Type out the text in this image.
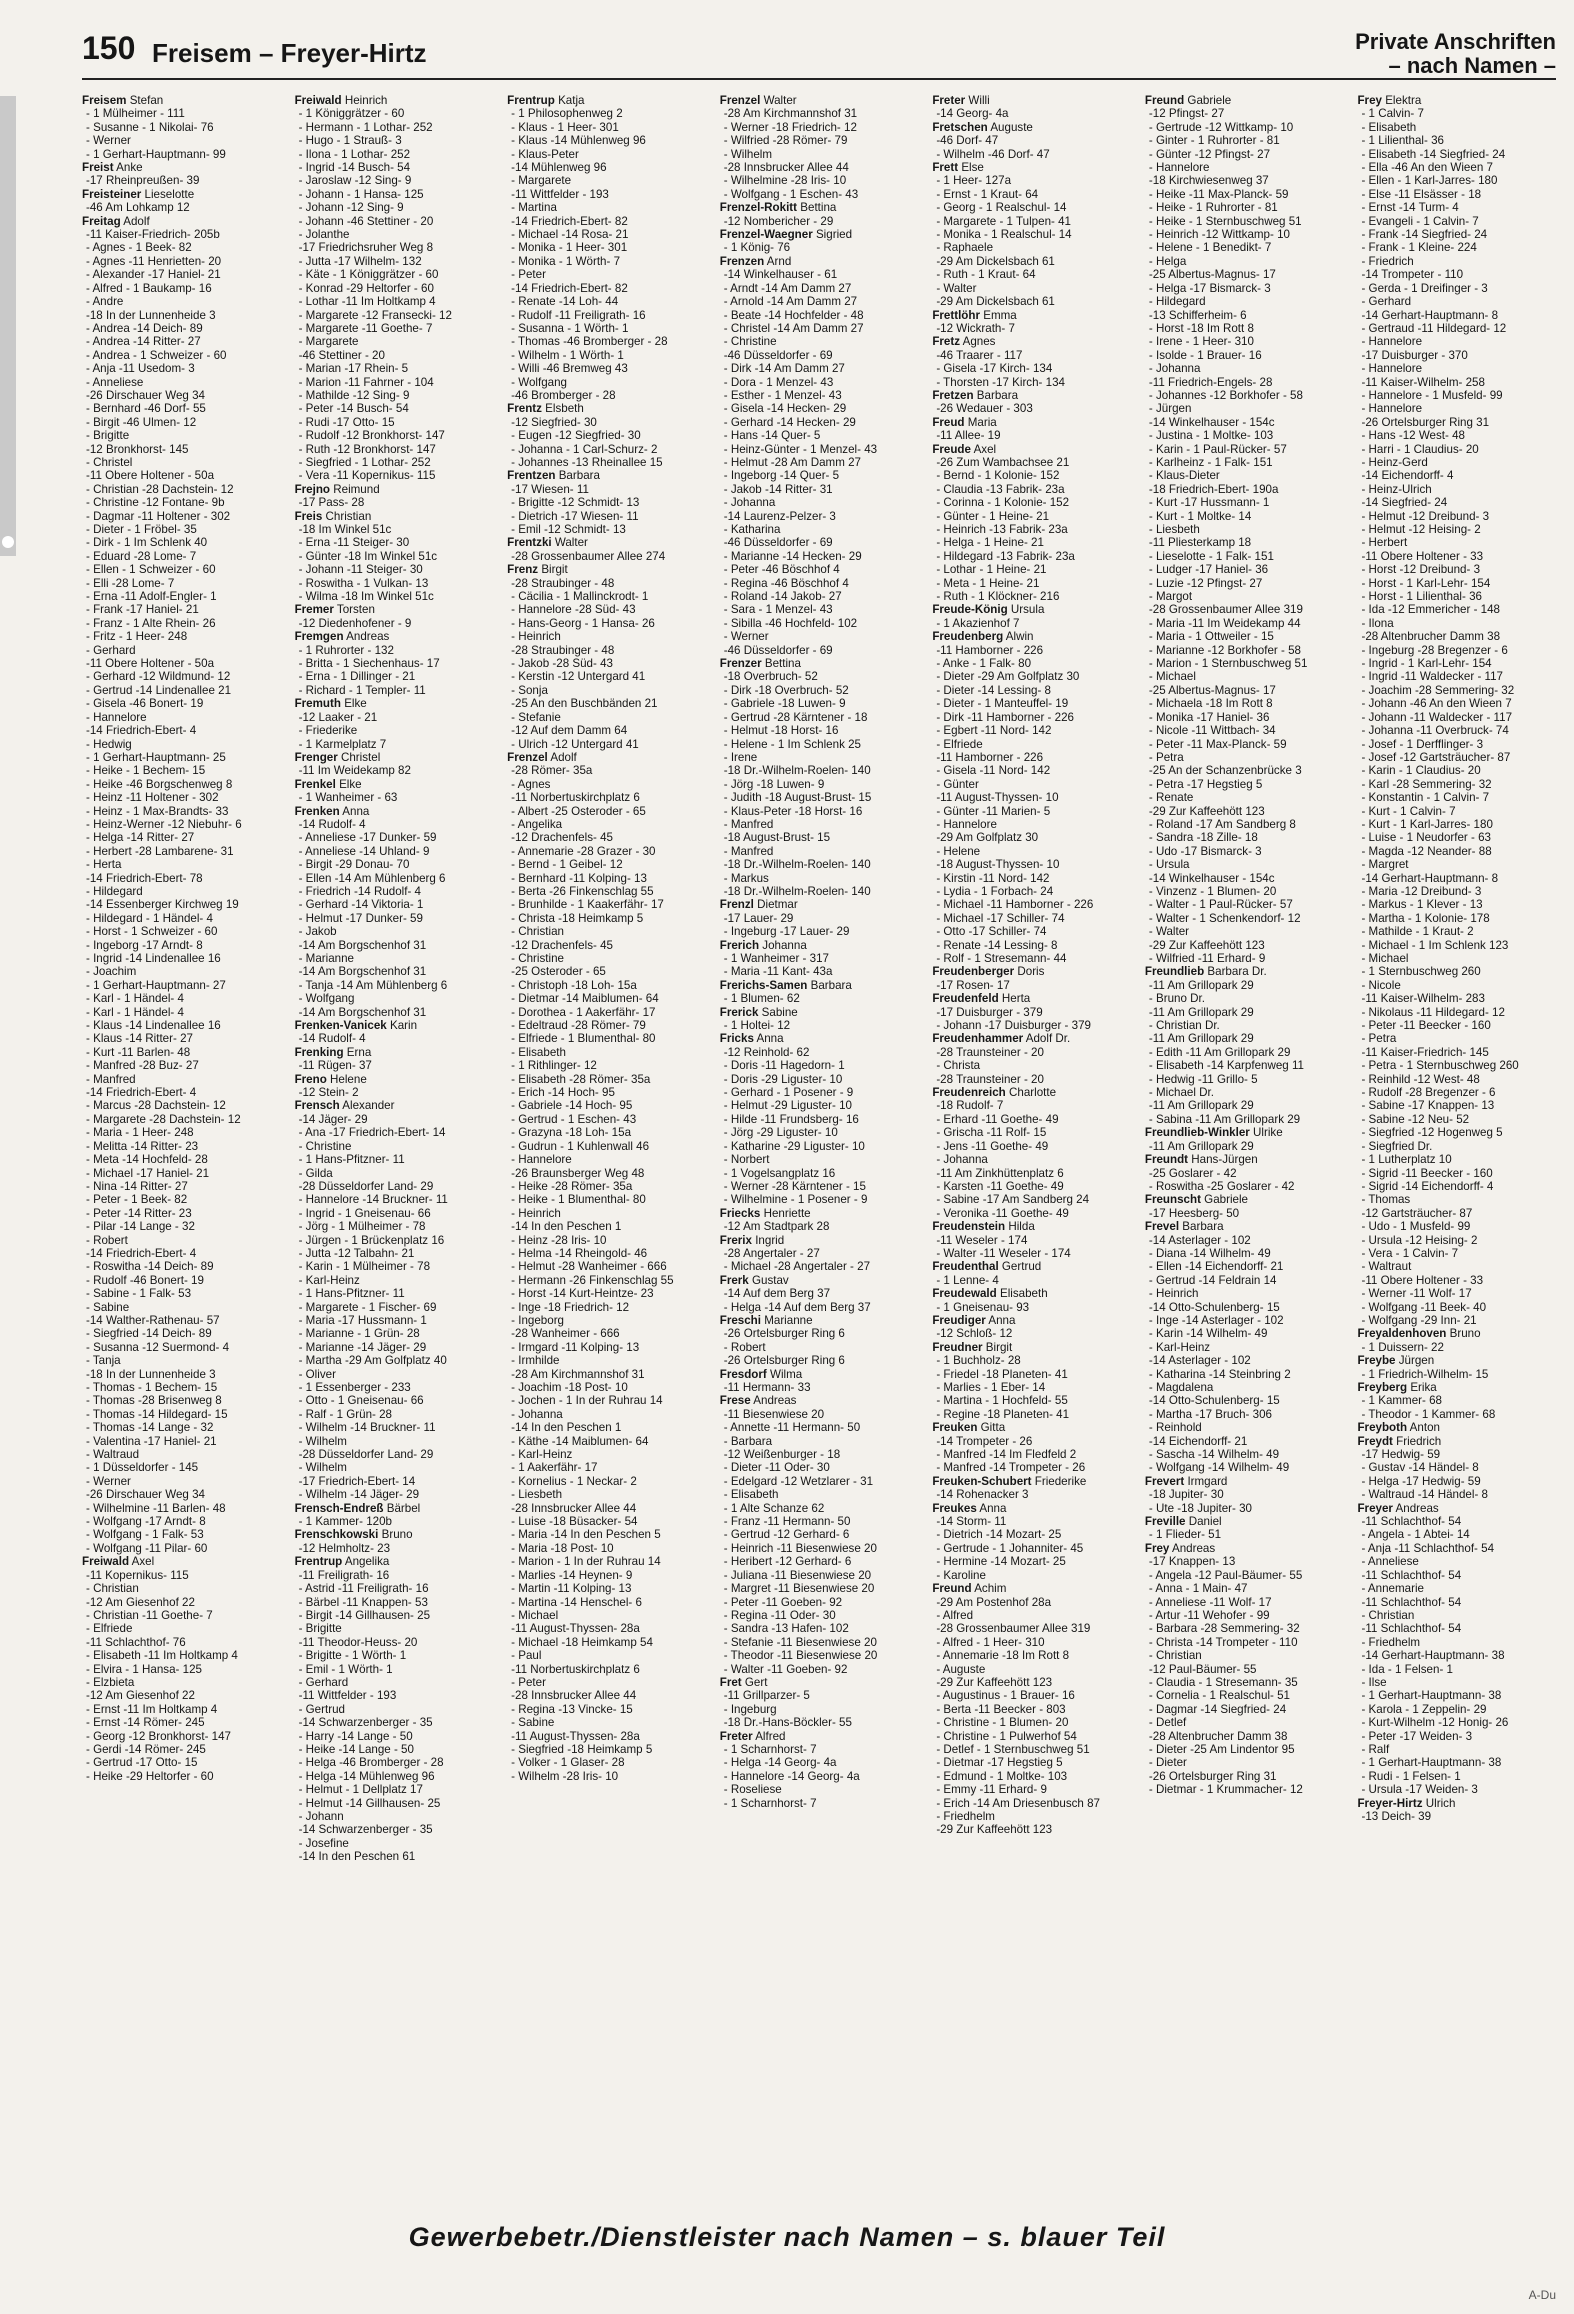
150 Freisem – Freyer-Hirtz	Private Anschriften
– nach Namen –
Freisem Stefan
- 1 Mülheimer - 111
- Susanne - 1 Nikolai- 76
- Werner
- 1 Gerhart-Hauptmann- 99
Freist Anke
-17 Rheinpreußen- 39
Freisteiner Lieselotte
-46 Am Lohkamp 12
Freitag Adolf
-11 Kaiser-Friedrich- 205b
- Agnes - 1 Beek- 82
- Agnes -11 Henrietten- 20
- Alexander -17 Haniel- 21
- Alfred - 1 Baukamp- 16
- Andre
-18 In der Lunnenheide 3
- Andrea -14 Deich- 89
- Andrea -14 Ritter- 27
- Andrea - 1 Schweizer - 60
- Anja -11 Usedom- 3
- Anneliese
-26 Dirschauer Weg 34
- Bernhard -46 Dorf- 55
- Birgit -46 Ulmen- 12
- Brigitte
-12 Bronkhorst- 145
- Christel
-11 Obere Holtener - 50a
- Christian -28 Dachstein- 12
- Christine -12 Fontane- 9b
- Dagmar -11 Holtener - 302
- Dieter - 1 Fröbel- 35
- Dirk - 1 Im Schlenk 40
- Eduard -28 Lome- 7
- Ellen - 1 Schweizer - 60
- Elli -28 Lome- 7
- Erna -11 Adolf-Engler- 1
- Frank -17 Haniel- 21
- Franz - 1 Alte Rhein- 26
- Fritz - 1 Heer- 248
- Gerhard
-11 Obere Holtener - 50a
- Gerhard -12 Wildmund- 12
- Gertrud -14 Lindenallee 21
- Gisela -46 Bonert- 19
- Hannelore
-14 Friedrich-Ebert- 4
- Hedwig
- 1 Gerhart-Hauptmann- 25
- Heike - 1 Bechem- 15
- Heike -46 Borgschenweg 8
- Heinz -11 Holtener - 302
- Heinz - 1 Max-Brandts- 33
- Heinz-Werner -12 Niebuhr- 6
- Helga -14 Ritter- 27
- Herbert -28 Lambarene- 31
- Herta
-14 Friedrich-Ebert- 78
- Hildegard
-14 Essenberger Kirchweg 19
- Hildegard - 1 Händel- 4
- Horst - 1 Schweizer - 60
- Ingeborg -17 Arndt- 8
- Ingrid -14 Lindenallee 16
- Joachim
- 1 Gerhart-Hauptmann- 27
- Karl - 1 Händel- 4
- Karl - 1 Händel- 4
- Klaus -14 Lindenallee 16
- Klaus -14 Ritter- 27
- Kurt -11 Barlen- 48
- Manfred -28 Buz- 27
- Manfred
-14 Friedrich-Ebert- 4
- Marcus -28 Dachstein- 12
- Margarete -28 Dachstein- 12
- Maria - 1 Heer- 248
- Melitta -14 Ritter- 23
- Meta -14 Hochfeld- 28
- Michael -17 Haniel- 21
- Nina -14 Ritter- 27
- Peter - 1 Beek- 82
- Peter -14 Ritter- 23
- Pilar -14 Lange - 32
- Robert
-14 Friedrich-Ebert- 4
- Roswitha -14 Deich- 89
- Rudolf -46 Bonert- 19
- Sabine - 1 Falk- 53
- Sabine
-14 Walther-Rathenau- 57
- Siegfried -14 Deich- 89
- Susanna -12 Suermond- 4
- Tanja
-18 In der Lunnenheide 3
- Thomas - 1 Bechem- 15
- Thomas -28 Brisenweg 8
- Thomas -14 Hildegard- 15
- Thomas -14 Lange - 32
- Valentina -17 Haniel- 21
- Waltraud
- 1 Düsseldorfer - 145
- Werner
-26 Dirschauer Weg 34
- Wilhelmine -11 Barlen- 48
- Wolfgang -17 Arndt- 8
- Wolfgang - 1 Falk- 53
- Wolfgang -11 Pilar- 60
Freiwald Axel
-11 Kopernikus- 115
- Christian
-12 Am Giesenhof 22
- Christian -11 Goethe- 7
- Elfriede
-11 Schlachthof- 76
- Elisabeth -11 Im Holtkamp 4
- Elvira - 1 Hansa- 125
- Elzbieta
-12 Am Giesenhof 22
- Ernst -11 Im Holtkamp 4
- Ernst -14 Römer- 245
- Georg -12 Bronkhorst- 147
- Gerdi -14 Römer- 245
- Gertrud -17 Otto- 15
- Heike -29 Heltorfer - 60
Freiwald Heinrich
- 1 Königgrätzer - 60
- Hermann - 1 Lothar- 252
- Hugo - 1 Strauß- 3
- Ilona - 1 Lothar- 252
- Ingrid -14 Busch- 54
- Jaroslaw -12 Sing- 9
- Johann - 1 Hansa- 125
- Johann -12 Sing- 9
- Johann -46 Stettiner - 20
- Jolanthe
-17 Friedrichsruher Weg 8
- Jutta -17 Wilhelm- 132
- Käte - 1 Königgrätzer - 60
- Konrad -29 Heltorfer - 60
- Lothar -11 Im Holtkamp 4
- Margarete -12 Fransecki- 12
- Margarete -11 Goethe- 7
- Margarete
-46 Stettiner - 20
- Marian -17 Rhein- 5
- Marion -11 Fahrner - 104
- Mathilde -12 Sing- 9
- Peter -14 Busch- 54
- Rudi -17 Otto- 15
- Rudolf -12 Bronkhorst- 147
- Ruth -12 Bronkhorst- 147
- Siegfried - 1 Lothar- 252
- Vera -11 Kopernikus- 115
Frejno Reimund
-17 Pass- 28
Freis Christian
-18 Im Winkel 51c
- Erna -11 Steiger- 30
- Günter -18 Im Winkel 51c
- Johann -11 Steiger- 30
- Roswitha - 1 Vulkan- 13
- Wilma -18 Im Winkel 51c
Fremer Torsten
-12 Diedenhofener - 9
Fremgen Andreas
- 1 Ruhrorter - 132
- Britta - 1 Siechenhaus- 17
- Erna - 1 Dillinger - 21
- Richard - 1 Templer- 11
Fremuth Elke
-12 Laaker - 21
- Friederike
- 1 Karmelplatz 7
Frenger Christel
-11 Im Weidekamp 82
Frenkel Elke
- 1 Wanheimer - 63
Frenken Anna
-14 Rudolf- 4
- Anneliese -17 Dunker- 59
- Anneliese -14 Uhland- 9
- Birgit -29 Donau- 70
- Ellen -14 Am Mühlenberg 6
- Friedrich -14 Rudolf- 4
- Gerhard -14 Viktoria- 1
- Helmut -17 Dunker- 59
- Jakob
-14 Am Borgschenhof 31
- Marianne
-14 Am Borgschenhof 31
- Tanja -14 Am Mühlenberg 6
- Wolfgang
-14 Am Borgschenhof 31
Frenken-Vanicek Karin
-14 Rudolf- 4
Frenking Erna
-11 Rügen- 37
Freno Helene
-12 Stein- 2
Frensch Alexander
-14 Jäger- 29
- Ana -17 Friedrich-Ebert- 14
- Christine
- 1 Hans-Pfitzner- 11
- Gilda
-28 Düsseldorfer Land- 29
- Hannelore -14 Bruckner- 11
- Ingrid - 1 Gneisenau- 66
- Jörg - 1 Mülheimer - 78
- Jürgen - 1 Brückenplatz 16
- Jutta -12 Talbahn- 21
- Karin - 1 Mülheimer - 78
- Karl-Heinz
- 1 Hans-Pfitzner- 11
- Margarete - 1 Fischer- 69
- Maria -17 Hussmann- 1
- Marianne - 1 Grün- 28
- Marianne -14 Jäger- 29
- Martha -29 Am Golfplatz 40
- Oliver
- 1 Essenberger - 233
- Otto - 1 Gneisenau- 66
- Ralf - 1 Grün- 28
- Wilhelm -14 Bruckner- 11
- Wilhelm
-28 Düsseldorfer Land- 29
- Wilhelm
-17 Friedrich-Ebert- 14
- Wilhelm -14 Jäger- 29
Frensch-Endreß Bärbel
- 1 Kammer- 120b
Frenschkowski Bruno
-12 Helmholtz- 23
Frentrup Angelika
-11 Freiligrath- 16
- Astrid -11 Freiligrath- 16
- Bärbel -11 Knappen- 53
- Birgit -14 Gillhausen- 25
- Brigitte
-11 Theodor-Heuss- 20
- Brigitte - 1 Wörth- 1
- Emil - 1 Wörth- 1
- Gerhard
-11 Wittfelder - 193
- Gertrud
-14 Schwarzenberger - 35
- Harry -14 Lange - 50
- Heike -14 Lange - 50
- Helga -46 Bromberger - 28
- Helga -14 Mühlenweg 96
- Helmut - 1 Dellplatz 17
- Helmut -14 Gillhausen- 25
- Johann
-14 Schwarzenberger - 35
- Josefine
-14 In den Peschen 61
Frentrup Katja
- 1 Philosophenweg 2
- Klaus - 1 Heer- 301
- Klaus -14 Mühlenweg 96
- Klaus-Peter
-14 Mühlenweg 96
- Margarete
-11 Wittfelder - 193
- Martina
-14 Friedrich-Ebert- 82
- Michael -14 Rosa- 21
- Monika - 1 Heer- 301
- Monika - 1 Wörth- 7
- Peter
-14 Friedrich-Ebert- 82
- Renate -14 Loh- 44
- Rudolf -11 Freiligrath- 16
- Susanna - 1 Wörth- 1
- Thomas -46 Bromberger - 28
- Wilhelm - 1 Wörth- 1
- Willi -46 Bremweg 43
- Wolfgang
-46 Bromberger - 28
Frentz Elsbeth
-12 Siegfried- 30
- Eugen -12 Siegfried- 30
- Johanna - 1 Carl-Schurz- 2
- Johannes -13 Rheinallee 15
Frentzen Barbara
-17 Wiesen- 11
- Brigitte -12 Schmidt- 13
- Dietrich -17 Wiesen- 11
- Emil -12 Schmidt- 13
Frentzki Walter
-28 Grossenbaumer Allee 274
Frenz Birgit
-28 Straubinger - 48
- Cäcilia - 1 Mallinckrodt- 1
- Hannelore -28 Süd- 43
- Hans-Georg - 1 Hansa- 26
- Heinrich
-28 Straubinger - 48
- Jakob -28 Süd- 43
- Kerstin -12 Untergard 41
- Sonja
-25 An den Buschbänden 21
- Stefanie
-12 Auf dem Damm 64
- Ulrich -12 Untergard 41
Frenzel Adolf
-28 Römer- 35a
- Agnes
-11 Norbertuskirchplatz 6
- Albert -25 Osteroder - 65
- Angelika
-12 Drachenfels- 45
- Annemarie -28 Grazer - 30
- Bernd - 1 Geibel- 12
- Bernhard -11 Kolping- 13
- Berta -26 Finkenschlag 55
- Brunhilde - 1 Kaakerfähr- 17
- Christa -18 Heimkamp 5
- Christian
-12 Drachenfels- 45
- Christine
-25 Osteroder - 65
- Christoph -18 Loh- 15a
- Dietmar -14 Maiblumen- 64
- Dorothea - 1 Aakerfähr- 17
- Edeltraud -28 Römer- 79
- Elfriede - 1 Blumenthal- 80
- Elisabeth
- 1 Rithlinger- 12
- Elisabeth -28 Römer- 35a
- Erich -14 Hoch- 95
- Gabriele -14 Hoch- 95
- Gertrud - 1 Eschen- 43
- Grazyna -18 Loh- 15a
- Gudrun - 1 Kuhlenwall 46
- Hannelore
-26 Braunsberger Weg 48
- Heike -28 Römer- 35a
- Heike - 1 Blumenthal- 80
- Heinrich
-14 In den Peschen 1
- Heinz -28 Iris- 10
- Helma -14 Rheingold- 46
- Helmut -28 Wanheimer - 666
- Hermann -26 Finkenschlag 55
- Horst -14 Kurt-Heintze- 23
- Inge -18 Friedrich- 12
- Ingeborg
-28 Wanheimer - 666
- Irmgard -11 Kolping- 13
- Irmhilde
-28 Am Kirchmannshof 31
- Joachim -18 Post- 10
- Jochen - 1 In der Ruhrau 14
- Johanna
-14 In den Peschen 1
- Käthe -14 Maiblumen- 64
- Karl-Heinz
- 1 Aakerfähr- 17
- Kornelius - 1 Neckar- 2
- Liesbeth
-28 Innsbrucker Allee 44
- Luise -18 Büsacker- 54
- Maria -14 In den Peschen 5
- Maria -18 Post- 10
- Marion - 1 In der Ruhrau 14
- Marlies -14 Heynen- 9
- Martin -11 Kolping- 13
- Martina -14 Henschel- 6
- Michael
-11 August-Thyssen- 28a
- Michael -18 Heimkamp 54
- Paul
-11 Norbertuskirchplatz 6
- Peter
-28 Innsbrucker Allee 44
- Regina -13 Vincke- 15
- Sabine
-11 August-Thyssen- 28a
- Siegfried -18 Heimkamp 5
- Volker - 1 Glaser- 28
- Wilhelm -28 Iris- 10
Frenzel Walter
-28 Am Kirchmannshof 31
- Werner -18 Friedrich- 12
- Wilfried -28 Römer- 79
- Wilhelm
-28 Innsbrucker Allee 44
- Wilhelmine -28 Iris- 10
- Wolfgang - 1 Eschen- 43
Frenzel-Rokitt Bettina
-12 Nombericher - 29
Frenzel-Waegner Sigried
- 1 König- 76
Frenzen Arnd
-14 Winkelhauser - 61
- Arndt -14 Am Damm 27
- Arnold -14 Am Damm 27
- Beate -14 Hochfelder - 48
- Christel -14 Am Damm 27
- Christine
-46 Düsseldorfer - 69
- Dirk -14 Am Damm 27
- Dora - 1 Menzel- 43
- Esther - 1 Menzel- 43
- Gisela -14 Hecken- 29
- Gerhard -14 Hecken- 29
- Hans -14 Quer- 5
- Heinz-Günter - 1 Menzel- 43
- Helmut -28 Am Damm 27
- Ingeborg -14 Quer- 5
- Jakob -14 Ritter- 31
- Johanna
-14 Laurenz-Pelzer- 3
- Katharina
-46 Düsseldorfer - 69
- Marianne -14 Hecken- 29
- Peter -46 Böschhof 4
- Regina -46 Böschhof 4
- Roland -14 Jakob- 27
- Sara - 1 Menzel- 43
- Sibilla -46 Hochfeld- 102
- Werner
-46 Düsseldorfer - 69
Frenzer Bettina
-18 Overbruch- 52
- Dirk -18 Overbruch- 52
- Gabriele -18 Luwen- 9
- Gertrud -28 Kärntener - 18
- Helmut -18 Horst- 16
- Helene - 1 Im Schlenk 25
- Irene
-18 Dr.-Wilhelm-Roelen- 140
- Jörg -18 Luwen- 9
- Judith -18 August-Brust- 15
- Klaus-Peter -18 Horst- 16
- Manfred
-18 August-Brust- 15
- Manfred
-18 Dr.-Wilhelm-Roelen- 140
- Markus
-18 Dr.-Wilhelm-Roelen- 140
Frenzl Dietmar
-17 Lauer- 29
- Ingeburg -17 Lauer- 29
Frerich Johanna
- 1 Wanheimer - 317
- Maria -11 Kant- 43a
Frerichs-Samen Barbara
- 1 Blumen- 62
Frerick Sabine
- 1 Holtei- 12
Fricks Anna
-12 Reinhold- 62
- Doris -11 Hagedorn- 1
- Doris -29 Liguster- 10
- Gerhard - 1 Posener - 9
- Helmut -29 Liguster- 10
- Hilde -11 Frundsberg- 16
- Jörg -29 Liguster- 10
- Katharine -29 Liguster- 10
- Norbert
- 1 Vogelsangplatz 16
- Werner -28 Kärntener - 15
- Wilhelmine - 1 Posener - 9
Friecks Henriette
-12 Am Stadtpark 28
Frerix Ingrid
-28 Angertaler - 27
- Michael -28 Angertaler - 27
Frerk Gustav
-14 Auf dem Berg 37
- Helga -14 Auf dem Berg 37
Freschi Marianne
-26 Ortelsburger Ring 6
- Robert
-26 Ortelsburger Ring 6
Fresdorf Wilma
-11 Hermann- 33
Frese Andreas
-11 Biesenwiese 20
- Annette -11 Hermann- 50
- Barbara
-12 Weißenburger - 18
- Dieter -11 Oder- 30
- Edelgard -12 Wetzlarer - 31
- Elisabeth
- 1 Alte Schanze 62
- Franz -11 Hermann- 50
- Gertrud -12 Gerhard- 6
- Heinrich -11 Biesenwiese 20
- Heribert -12 Gerhard- 6
- Juliana -11 Biesenwiese 20
- Margret -11 Biesenwiese 20
- Peter -11 Goeben- 92
- Regina -11 Oder- 30
- Sandra -13 Hafen- 102
- Stefanie -11 Biesenwiese 20
- Theodor -11 Biesenwiese 20
- Walter -11 Goeben- 92
Fret Gert
-11 Grillparzer- 5
- Ingeburg
-18 Dr.-Hans-Böckler- 55
Freter Alfred
- 1 Scharnhorst- 7
- Helga -14 Georg- 4a
- Hannelore -14 Georg- 4a
- Roseliese
- 1 Scharnhorst- 7
Freter Willi
-14 Georg- 4a
Fretschen Auguste
-46 Dorf- 47
- Wilhelm -46 Dorf- 47
Frett Else
- 1 Heer- 127a
- Ernst - 1 Kraut- 64
- Georg - 1 Realschul- 14
- Margarete - 1 Tulpen- 41
- Monika - 1 Realschul- 14
- Raphaele
-29 Am Dickelsbach 61
- Ruth - 1 Kraut- 64
- Walter
-29 Am Dickelsbach 61
Frettlöhr Emma
-12 Wickrath- 7
Fretz Agnes
-46 Traarer - 117
- Gisela -17 Kirch- 134
- Thorsten -17 Kirch- 134
Fretzen Barbara
-26 Wedauer - 303
Freud Maria
-11 Allee- 19
Freude Axel
-26 Zum Wambachsee 21
- Bernd - 1 Kolonie- 152
- Claudia -13 Fabrik- 23a
- Corinna - 1 Kolonie- 152
- Günter - 1 Heine- 21
- Heinrich -13 Fabrik- 23a
- Helga - 1 Heine- 21
- Hildegard -13 Fabrik- 23a
- Lothar - 1 Heine- 21
- Meta - 1 Heine- 21
- Ruth - 1 Klöckner- 216
Freude-König Ursula
- 1 Akazienhof 7
Freudenberg Alwin
-11 Hamborner - 226
- Anke - 1 Falk- 80
- Dieter -29 Am Golfplatz 30
- Dieter -14 Lessing- 8
- Dieter - 1 Manteuffel- 19
- Dirk -11 Hamborner - 226
- Egbert -11 Nord- 142
- Elfriede
-11 Hamborner - 226
- Gisela -11 Nord- 142
- Günter
-11 August-Thyssen- 10
- Günter -11 Marien- 5
- Hannelore
-29 Am Golfplatz 30
- Helene
-18 August-Thyssen- 10
- Kirstin -11 Nord- 142
- Lydia - 1 Forbach- 24
- Michael -11 Hamborner - 226
- Michael -17 Schiller- 74
- Otto -17 Schiller- 74
- Renate -14 Lessing- 8
- Rolf - 1 Stresemann- 44
Freudenberger Doris
-17 Rosen- 17
Freudenfeld Herta
-17 Duisburger - 379
- Johann -17 Duisburger - 379
Freudenhammer Adolf Dr.
-28 Traunsteiner - 20
- Christa
-28 Traunsteiner - 20
Freudenreich Charlotte
-18 Rudolf- 7
- Erhard -11 Goethe- 49
- Grischa -11 Rolf- 15
- Jens -11 Goethe- 49
- Johanna
-11 Am Zinkhüttenplatz 6
- Karsten -11 Goethe- 49
- Sabine -17 Am Sandberg 24
- Veronika -11 Goethe- 49
Freudenstein Hilda
-11 Weseler - 174
- Walter -11 Weseler - 174
Freudenthal Gertrud
- 1 Lenne- 4
Freudewald Elisabeth
- 1 Gneisenau- 93
Freudiger Anna
-12 Schloß- 12
Freudner Birgit
- 1 Buchholz- 28
- Friedel -18 Planeten- 41
- Marlies - 1 Eber- 14
- Martina - 1 Hochfeld- 55
- Regine -18 Planeten- 41
Freuken Gitta
-14 Trompeter - 26
- Manfred -14 Im Fledfeld 2
- Manfred -14 Trompeter - 26
Freuken-Schubert Friederike
-14 Rohenacker 3
Freukes Anna
-14 Storm- 11
- Dietrich -14 Mozart- 25
- Gertrude - 1 Johanniter- 45
- Hermine -14 Mozart- 25
- Karoline
Freund Achim
-29 Am Postenhof 28a
- Alfred
-28 Grossenbaumer Allee 319
- Alfred - 1 Heer- 310
- Annemarie -18 Im Rott 8
- Auguste
-29 Zur Kaffeehött 123
- Augustinus - 1 Brauer- 16
- Berta -11 Beecker - 803
- Christine - 1 Blumen- 20
- Christine - 1 Pulwerhof 54
- Detlef - 1 Sternbuschweg 51
- Dietmar -17 Hegstieg 5
- Edmund - 1 Moltke- 103
- Emmy -11 Erhard- 9
- Erich -14 Am Driesenbusch 87
- Friedhelm
-29 Zur Kaffeehött 123
Freund Gabriele
-12 Pfingst- 27
- Gertrude -12 Wittkamp- 10
- Ginter - 1 Ruhrorter - 81
- Günter -12 Pfingst- 27
- Hannelore
-18 Kirchwiesenweg 37
- Heike -11 Max-Planck- 59
- Heike - 1 Ruhrorter - 81
- Heike - 1 Sternbuschweg 51
- Heinrich -12 Wittkamp- 10
- Helene - 1 Benedikt- 7
- Helga
-25 Albertus-Magnus- 17
- Helga -17 Bismarck- 3
- Hildegard
-13 Schifferheim- 6
- Horst -18 Im Rott 8
- Irene - 1 Heer- 310
- Isolde - 1 Brauer- 16
- Johanna
-11 Friedrich-Engels- 28
- Johannes -12 Borkhofer - 58
- Jürgen
-14 Winkelhauser - 154c
- Justina - 1 Moltke- 103
- Karin - 1 Paul-Rücker- 57
- Karlheinz - 1 Falk- 151
- Klaus-Dieter
-18 Friedrich-Ebert- 190a
- Kurt -17 Hussmann- 1
- Kurt - 1 Moltke- 14
- Liesbeth
-11 Pliesterkamp 18
- Lieselotte - 1 Falk- 151
- Ludger -17 Haniel- 36
- Luzie -12 Pfingst- 27
- Margot
-28 Grossenbaumer Allee 319
- Maria -11 Im Weidekamp 44
- Maria - 1 Ottweiler - 15
- Marianne -12 Borkhofer - 58
- Marion - 1 Sternbuschweg 51
- Michael
-25 Albertus-Magnus- 17
- Michaela -18 Im Rott 8
- Monika -17 Haniel- 36
- Nicole -11 Wittbach- 34
- Peter -11 Max-Planck- 59
- Petra
-25 An der Schanzenbrücke 3
- Petra -17 Hegstieg 5
- Renate
-29 Zur Kaffeehött 123
- Roland -17 Am Sandberg 8
- Sandra -18 Zille- 18
- Udo -17 Bismarck- 3
- Ursula
-14 Winkelhauser - 154c
- Vinzenz - 1 Blumen- 20
- Walter - 1 Paul-Rücker- 57
- Walter - 1 Schenkendorf- 12
- Walter
-29 Zur Kaffeehött 123
- Wilfried -11 Erhard- 9
Freundlieb Barbara Dr.
-11 Am Grillopark 29
- Bruno Dr.
-11 Am Grillopark 29
- Christian Dr.
-11 Am Grillopark 29
- Edith -11 Am Grillopark 29
- Elisabeth -14 Karpfenweg 11
- Hedwig -11 Grillo- 5
- Michael Dr.
-11 Am Grillopark 29
- Sabina -11 Am Grillopark 29
Freundlieb-Winkler Ulrike
-11 Am Grillopark 29
Freundt Hans-Jürgen
-25 Goslarer - 42
- Roswitha -25 Goslarer - 42
Freunscht Gabriele
-17 Heesberg- 50
Frevel Barbara
-14 Asterlager - 102
- Diana -14 Wilhelm- 49
- Ellen -14 Eichendorff- 21
- Gertrud -14 Feldrain 14
- Heinrich
-14 Otto-Schulenberg- 15
- Inge -14 Asterlager - 102
- Karin -14 Wilhelm- 49
- Karl-Heinz
-14 Asterlager - 102
- Katharina -14 Steinbring 2
- Magdalena
-14 Otto-Schulenberg- 15
- Martha -17 Bruch- 306
- Reinhold
-14 Eichendorff- 21
- Sascha -14 Wilhelm- 49
- Wolfgang -14 Wilhelm- 49
Frevert Irmgard
-18 Jupiter- 30
- Ute -18 Jupiter- 30
Freville Daniel
- 1 Flieder- 51
Frey Andreas
-17 Knappen- 13
- Angela -12 Paul-Bäumer- 55
- Anna - 1 Main- 47
- Anneliese -11 Wolf- 17
- Artur -11 Wehofer - 99
- Barbara -28 Semmering- 32
- Christa -14 Trompeter - 110
- Christian
-12 Paul-Bäumer- 55
- Claudia - 1 Stresemann- 35
- Cornelia - 1 Realschul- 51
- Dagmar -14 Siegfried- 24
- Detlef
-28 Altenbrucher Damm 38
- Dieter -25 Am Lindentor 95
- Dieter
-26 Ortelsburger Ring 31
- Dietmar - 1 Krummacher- 12
Frey Elektra
- 1 Calvin- 7
- Elisabeth
- 1 Lilienthal- 36
- Elisabeth -14 Siegfried- 24
- Ella -46 An den Wieen 7
- Ellen - 1 Karl-Jarres- 180
- Else -11 Elsässer - 18
- Ernst -14 Turm- 4
- Evangeli - 1 Calvin- 7
- Frank -14 Siegfried- 24
- Frank - 1 Kleine- 224
- Friedrich
-14 Trompeter - 110
- Gerda - 1 Dreifinger - 3
- Gerhard
-14 Gerhart-Hauptmann- 8
- Gertraud -11 Hildegard- 12
- Hannelore
-17 Duisburger - 370
- Hannelore
-11 Kaiser-Wilhelm- 258
- Hannelore - 1 Musfeld- 99
- Hannelore
-26 Ortelsburger Ring 31
- Hans -12 West- 48
- Harri - 1 Claudius- 20
- Heinz-Gerd
-14 Eichendorff- 4
- Heinz-Ulrich
-14 Siegfried- 24
- Helmut -12 Dreibund- 3
- Helmut -12 Heising- 2
- Herbert
-11 Obere Holtener - 33
- Horst -12 Dreibund- 3
- Horst - 1 Karl-Lehr- 154
- Horst - 1 Lilienthal- 36
- Ida -12 Emmericher - 148
- Ilona
-28 Altenbrucher Damm 38
- Ingeburg -28 Bregenzer - 6
- Ingrid - 1 Karl-Lehr- 154
- Ingrid -11 Waldecker - 117
- Joachim -28 Semmering- 32
- Johann -46 An den Wieen 7
- Johann -11 Waldecker - 117
- Johanna -11 Overbruck- 74
- Josef - 1 Derfflinger- 3
- Josef -12 Gartsträucher- 87
- Karin - 1 Claudius- 20
- Karl -28 Semmering- 32
- Konstantin - 1 Calvin- 7
- Kurt - 1 Calvin- 7
- Kurt - 1 Karl-Jarres- 180
- Luise - 1 Neudorfer - 63
- Magda -12 Neander- 88
- Margret
-14 Gerhart-Hauptmann- 8
- Maria -12 Dreibund- 3
- Markus - 1 Klever - 13
- Martha - 1 Kolonie- 178
- Mathilde - 1 Kraut- 2
- Michael - 1 Im Schlenk 123
- Michael
- 1 Sternbuschweg 260
- Nicole
-11 Kaiser-Wilhelm- 283
- Nikolaus -11 Hildegard- 12
- Peter -11 Beecker - 160
- Petra
-11 Kaiser-Friedrich- 145
- Petra - 1 Sternbuschweg 260
- Reinhild -12 West- 48
- Rudolf -28 Bregenzer - 6
- Sabine -17 Knappen- 13
- Sabine -12 Neu- 52
- Siegfried -12 Hogenweg 5
- Siegfried Dr.
- 1 Lutherplatz 10
- Sigrid -11 Beecker - 160
- Sigrid -14 Eichendorff- 4
- Thomas
-12 Gartsträucher- 87
- Udo - 1 Musfeld- 99
- Ursula -12 Heising- 2
- Vera - 1 Calvin- 7
- Waltraut
-11 Obere Holtener - 33
- Werner -11 Wolf- 17
- Wolfgang -11 Beek- 40
- Wolfgang -29 Inn- 21
Freyaldenhoven Bruno
- 1 Duissern- 22
Freybe Jürgen
- 1 Friedrich-Wilhelm- 15
Freyberg Erika
- 1 Kammer- 68
- Theodor - 1 Kammer- 68
Freyboth Anton
Freydt Friedrich
-17 Hedwig- 59
- Gustav -14 Händel- 8
- Helga -17 Hedwig- 59
- Waltraud -14 Händel- 8
Freyer Andreas
-11 Schlachthof- 54
- Angela - 1 Abtei- 14
- Anja -11 Schlachthof- 54
- Anneliese
-11 Schlachthof- 54
- Annemarie
-11 Schlachthof- 54
- Christian
-11 Schlachthof- 54
- Friedhelm
-14 Gerhart-Hauptmann- 38
- Ida - 1 Felsen- 1
- Ilse
- 1 Gerhart-Hauptmann- 38
- Karola - 1 Zeppelin- 29
- Kurt-Wilhelm -12 Honig- 26
- Peter -17 Weiden- 3
- Ralf
- 1 Gerhart-Hauptmann- 38
- Rudi - 1 Felsen- 1
- Ursula -17 Weiden- 3
Freyer-Hirtz Ulrich
-13 Deich- 39
Gewerbebetr./Dienstleister nach Namen – s. blauer Teil
A-Du
